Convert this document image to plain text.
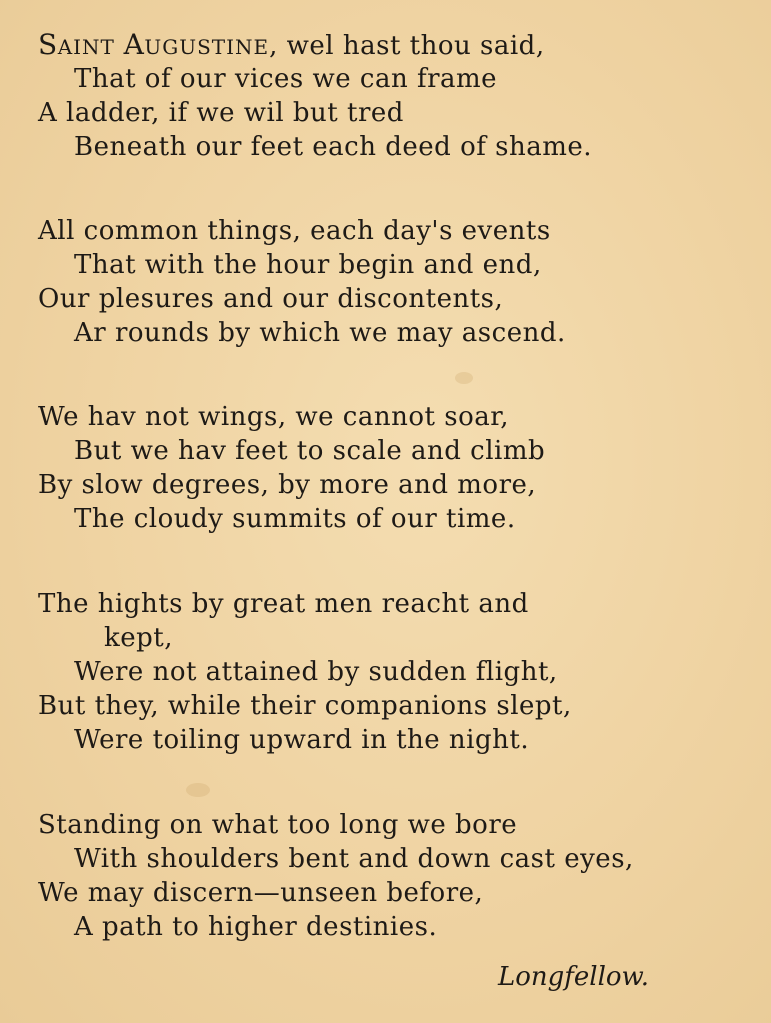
SAINT AUGUSTINE, wel hast thou said,
That of our vices we can frame
A ladder, if we wil but tred
Beneath our feet each deed of shame.
All common things, each day's events
That with the hour begin and end,
Our plesures and our discontents,
Ar rounds by which we may ascend.
We hav not wings, we cannot soar,
But we hav feet to scale and climb
By slow degrees, by more and more,
The cloudy summits of our time.
The hights by great men reacht and
kept,
Were not attained by sudden flight,
But they, while their companions slept,
Were toiling upward in the night.
Standing on what too long we bore
With shoulders bent and down cast eyes,
We may discern—unseen before,
A path to higher destinies.
Longfellow.
